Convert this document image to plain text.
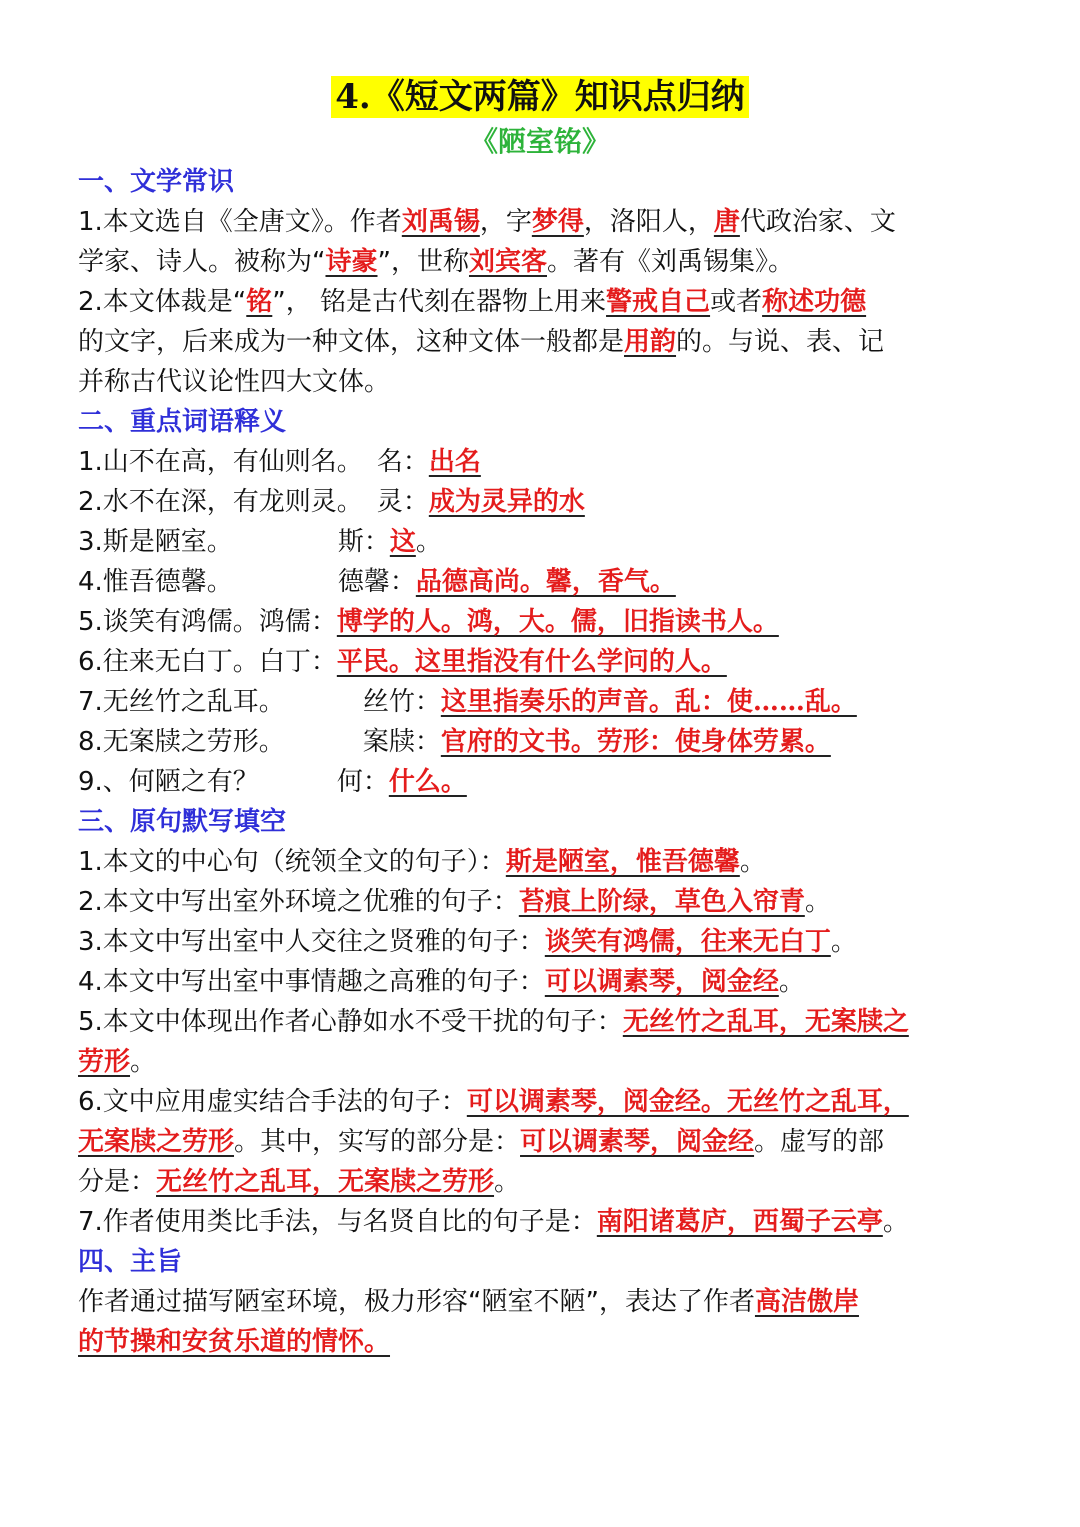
4.《短文两篇》知识点归纳
《陋室铭》
一、文学常识
1.本文选自《全唐文》。作者刘禹锡，字梦得，洛阳人，唐代政治家、文
学家、诗人。被称为“诗豪”，世称刘宾客。著有《刘禹锡集》。
2.本文体裁是“铭”， 铭是古代刻在器物上用来警戒自己或者称述功德
的文字，后来成为一种文体，这种文体一般都是用韵的。与说、表、记
并称古代议论性四大文体。
二、重点词语释义
1.山不在高，有仙则名。 名：出名
2.水不在深，有龙则灵。 灵：成为灵异的水
3.斯是陋室。	斯：这。
4.惟吾德馨。	德馨：品德高尚。馨，香气。
5.谈笑有鸿儒。鸿儒：博学的人。鸿，大。儒，旧指读书人。
6.往来无白丁。白丁：平民。这里指没有什么学问的人。
7.无丝竹之乱耳。	丝竹：这里指奏乐的声音。乱：使……乱。
8.无案牍之劳形。	案牍：官府的文书。劳形：使身体劳累。
9.、何陋之有？	何：什么。
三、原句默写填空
1.本文的中心句（统领全文的句子）：斯是陋室，惟吾德馨。
2.本文中写出室外环境之优雅的句子：苔痕上阶绿，草色入帘青。
3.本文中写出室中人交往之贤雅的句子：谈笑有鸿儒，往来无白丁。
4.本文中写出室中事情趣之高雅的句子：可以调素琴，阅金经。
5.本文中体现出作者心静如水不受干扰的句子：无丝竹之乱耳，无案牍之
劳形。
6.文中应用虚实结合手法的句子：可以调素琴，阅金经。无丝竹之乱耳，
无案牍之劳形。其中，实写的部分是：可以调素琴，阅金经。虚写的部
分是：无丝竹之乱耳，无案牍之劳形。
7.作者使用类比手法，与名贤自比的句子是：南阳诸葛庐，西蜀子云亭。
四、主旨
作者通过描写陋室环境，极力形容“陋室不陋”，表达了作者高洁傲岸
的节操和安贫乐道的情怀。
